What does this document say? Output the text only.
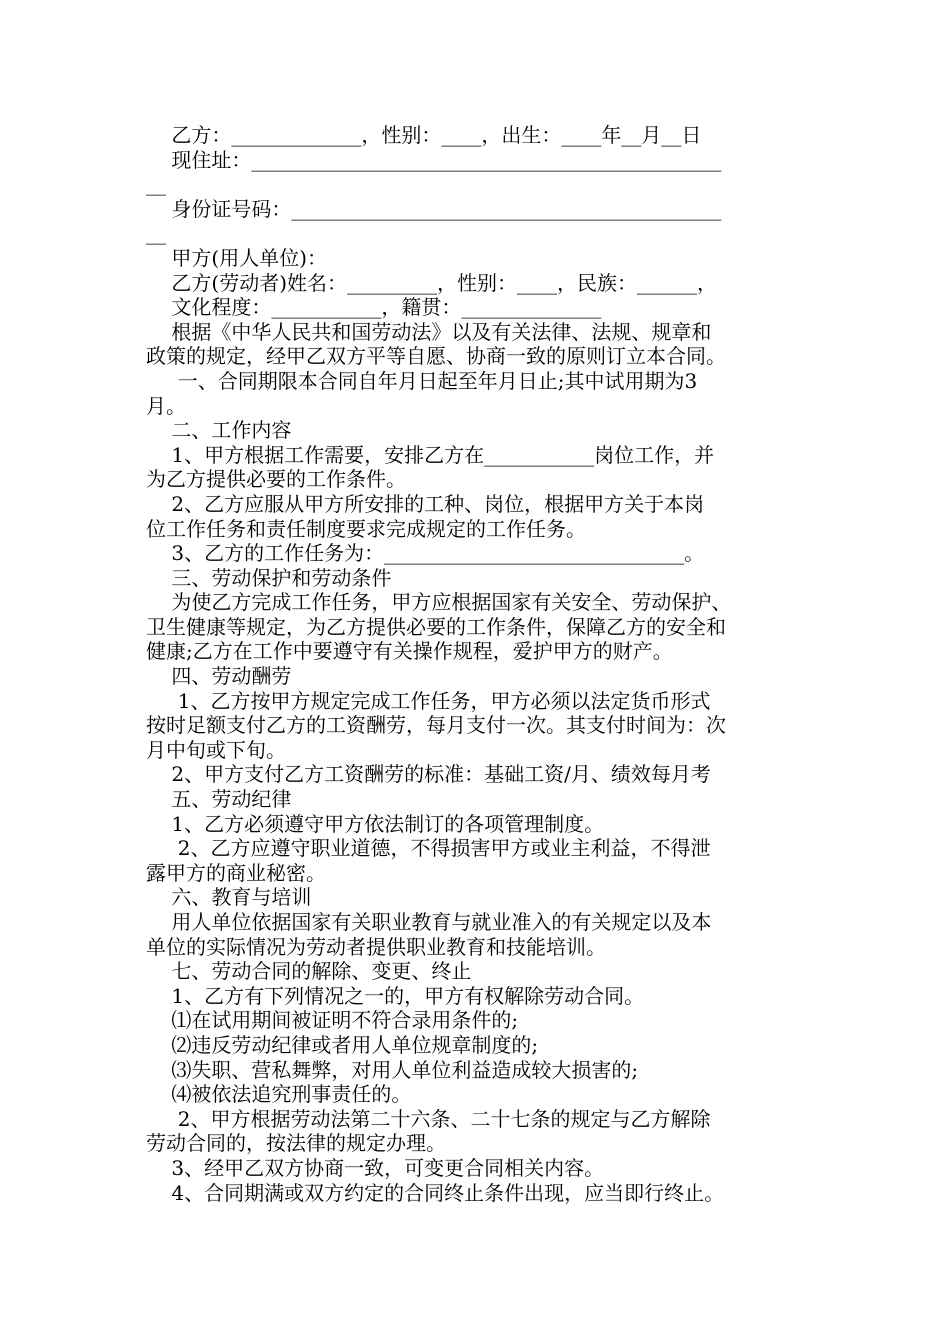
乙方：_____________，性别：____，出生：____年__月__日

现住址：_______________________________________________

__

身份证号码：___________________________________________

__

甲方(用人单位)：

乙方(劳动者)姓名：_________，性别：____，民族：______，

文化程度：___________，籍贯：______________

根据《中华人民共和国劳动法》以及有关法律、法规、规章和

政策的规定，经甲乙双方平等自愿、协商一致的原则订立本合同。

一、合同期限本合同自年月日起至年月日止;其中试用期为3

月。

二、工作内容

1、甲方根据工作需要，安排乙方在___________岗位工作，并

为乙方提供必要的工作条件。

2、乙方应服从甲方所安排的工种、岗位，根据甲方关于本岗

位工作任务和责任制度要求完成规定的工作任务。

3、乙方的工作任务为：______________________________。

三、劳动保护和劳动条件

为使乙方完成工作任务，甲方应根据国家有关安全、劳动保护、

卫生健康等规定，为乙方提供必要的工作条件，保障乙方的安全和

健康;乙方在工作中要遵守有关操作规程，爱护甲方的财产。

四、劳动酬劳

1、乙方按甲方规定完成工作任务，甲方必须以法定货币形式

按时足额支付乙方的工资酬劳，每月支付一次。其支付时间为：次

月中旬或下旬。

2、甲方支付乙方工资酬劳的标准：基础工资/月、绩效每月考

五、劳动纪律

1、乙方必须遵守甲方依法制订的各项管理制度。

2、乙方应遵守职业道德，不得损害甲方或业主利益，不得泄

露甲方的商业秘密。

六、教育与培训

用人单位依据国家有关职业教育与就业准入的有关规定以及本

单位的实际情况为劳动者提供职业教育和技能培训。

七、劳动合同的解除、变更、终止

1、乙方有下列情况之一的，甲方有权解除劳动合同。

⑴在试用期间被证明不符合录用条件的;

⑵违反劳动纪律或者用人单位规章制度的;

⑶失职、营私舞弊，对用人单位利益造成较大损害的;

⑷被依法追究刑事责任的。

2、甲方根据劳动法第二十六条、二十七条的规定与乙方解除

劳动合同的，按法律的规定办理。

3、经甲乙双方协商一致，可变更合同相关内容。

4、合同期满或双方约定的合同终止条件出现，应当即行终止。
